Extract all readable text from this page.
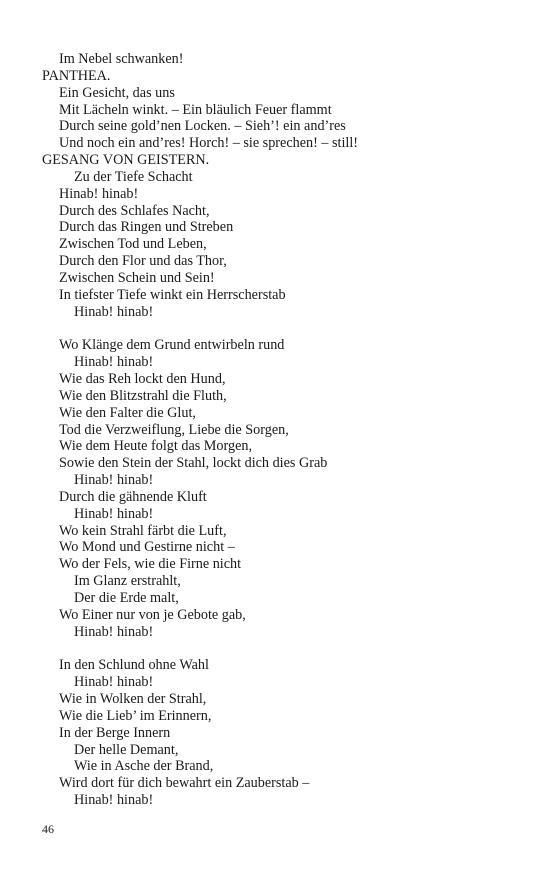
Im Nebel schwanken!
PANTHEA.
Ein Gesicht, das uns
Mit Lächeln winkt. – Ein bläulich Feuer flammt
Durch seine gold’nen Locken. – Sieh’! ein and’res
Und noch ein and’res! Horch! – sie sprechen! – still!
GESANG VON GEISTERN.
Zu der Tiefe Schacht
Hinab! hinab!
Durch des Schlafes Nacht,
Durch das Ringen und Streben
Zwischen Tod und Leben,
Durch den Flor und das Thor,
Zwischen Schein und Sein!
In tiefster Tiefe winkt ein Herrscherstab
Hinab! hinab!
Wo Klänge dem Grund entwirbeln rund
Hinab! hinab!
Wie das Reh lockt den Hund,
Wie den Blitzstrahl die Fluth,
Wie den Falter die Glut,
Tod die Verzweiflung, Liebe die Sorgen,
Wie dem Heute folgt das Morgen,
Sowie den Stein der Stahl, lockt dich dies Grab
Hinab! hinab!
Durch die gähnende Kluft
Hinab! hinab!
Wo kein Strahl färbt die Luft,
Wo Mond und Gestirne nicht –
Wo der Fels, wie die Firne nicht
Im Glanz erstrahlt,
Der die Erde malt,
Wo Einer nur von je Gebote gab,
Hinab! hinab!
In den Schlund ohne Wahl
Hinab! hinab!
Wie in Wolken der Strahl,
Wie die Lieb’ im Erinnern,
In der Berge Innern
Der helle Demant,
Wie in Asche der Brand,
Wird dort für dich bewahrt ein Zauberstab –
Hinab! hinab!
46
